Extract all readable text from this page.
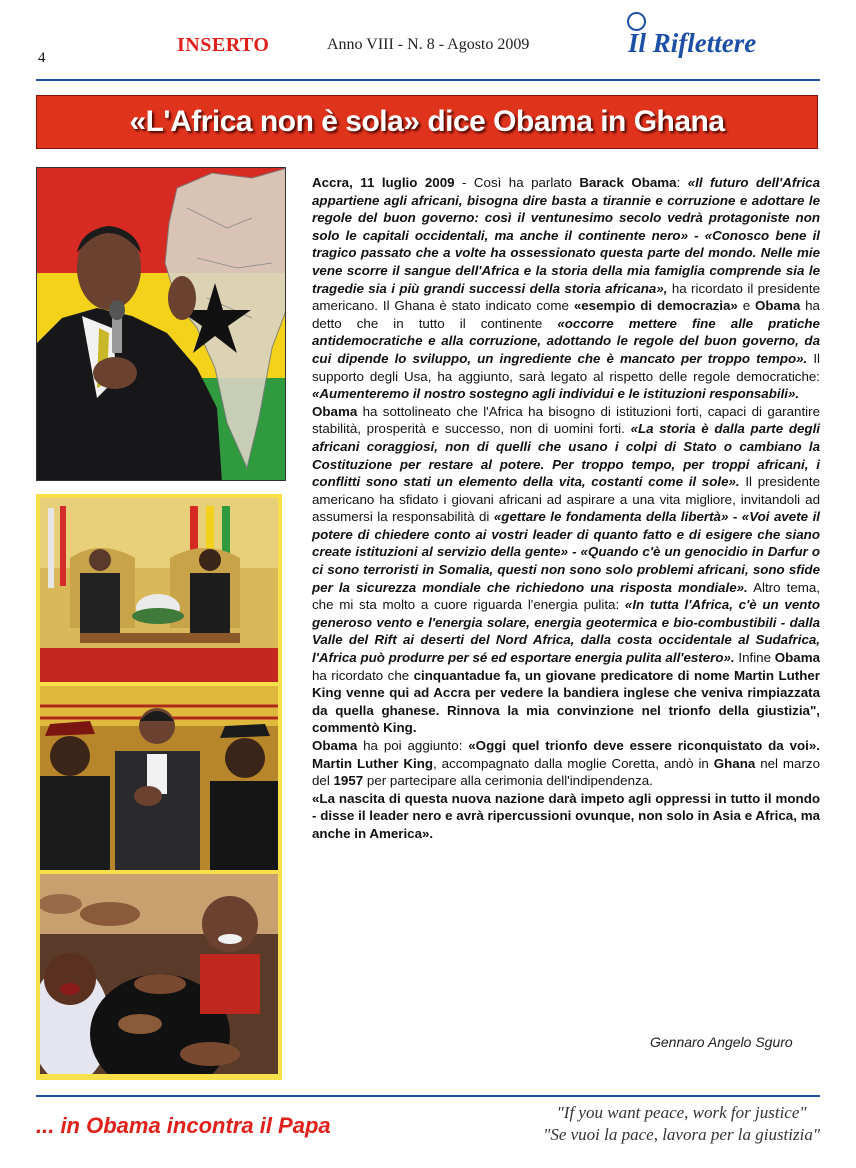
4
INSERTO	Anno VIII - N. 8 - Agosto 2009	Il Riflettere
«L'Africa non è sola» dice Obama in Ghana

Accra, 11 luglio 2009 - Così ha parlato Barack Obama: «Il futuro dell'Africa appartiene agli africani, bisogna dire basta a tirannie e corruzione e adottare le regole del buon governo: così il ventunesimo secolo vedrà protagoniste non solo le capitali occidentali, ma anche il continente nero» - «Conosco bene il tragico passato che a volte ha ossessionato questa parte del mondo. Nelle mie vene scorre il sangue dell'Africa e la storia della mia famiglia comprende sia le tragedie sia i più grandi successi della storia africana», ha ricordato il presidente americano. Il Ghana è stato indicato come «esempio di democrazia» e Obama ha detto che in tutto il continente «occorre mettere fine alle pratiche antidemocratiche e alla corruzione, adottando le regole del buon governo, da cui dipende lo sviluppo, un ingrediente che è mancato per troppo tempo». Il supporto degli Usa, ha aggiunto, sarà legato al rispetto delle regole democratiche: «Aumenteremo il nostro sostegno agli individui e le istituzioni responsabili».

Obama ha sottolineato che l'Africa ha bisogno di istituzioni forti, capaci di garantire stabilità, prosperità e successo, non di uomini forti. «La storia è dalla parte degli africani coraggiosi, non di quelli che usano i colpi di Stato o cambiano la Costituzione per restare al potere. Per troppo tempo, per troppi africani, i conflitti sono stati un elemento della vita, costanti come il sole». Il presidente americano ha sfidato i giovani africani ad aspirare a una vita migliore, invitandoli ad assumersi la responsabilità di «gettare le fondamenta della libertà» - «Voi avete il potere di chiedere conto ai vostri leader di quanto fatto e di esigere che siano create istituzioni al servizio della gente» - «Quando c'è un genocidio in Darfur o ci sono terroristi in Somalia, questi non sono solo problemi africani, sono sfide per la sicurezza mondiale che richiedono una risposta mondiale». Altro tema, che mi sta molto a cuore riguarda l'energia pulita: «In tutta l'Africa, c'è un vento generoso vento e l'energia solare, energia geotermica e bio-combustibili - dalla Valle del Rift ai deserti del Nord Africa, dalla costa occidentale al Sudafrica, l'Africa può produrre per sé ed esportare energia pulita all'estero». Infine Obama ha ricordato che cinquantadue fa, un giovane predicatore di nome Martin Luther King venne qui ad Accra per vedere la bandiera inglese che veniva rimpiazzata da quella ghanese. Rinnova la mia convinzione nel trionfo della giustizia", commentò King.

Obama ha poi aggiunto: «Oggi quel trionfo deve essere riconquistato da voi». Martin Luther King, accompagnato dalla moglie Coretta, andò in Ghana nel marzo del 1957 per partecipare alla cerimonia dell'indipendenza.

«La nascita di questa nuova nazione darà impeto agli oppressi in tutto il mondo - disse il leader nero e avrà ripercussioni ovunque, non solo in Asia e Africa, ma anche in America».

Gennaro Angelo Sguro
... in Obama incontra il Papa
"If you want peace, work for justice"
"Se vuoi la pace, lavora per la giustizia"
